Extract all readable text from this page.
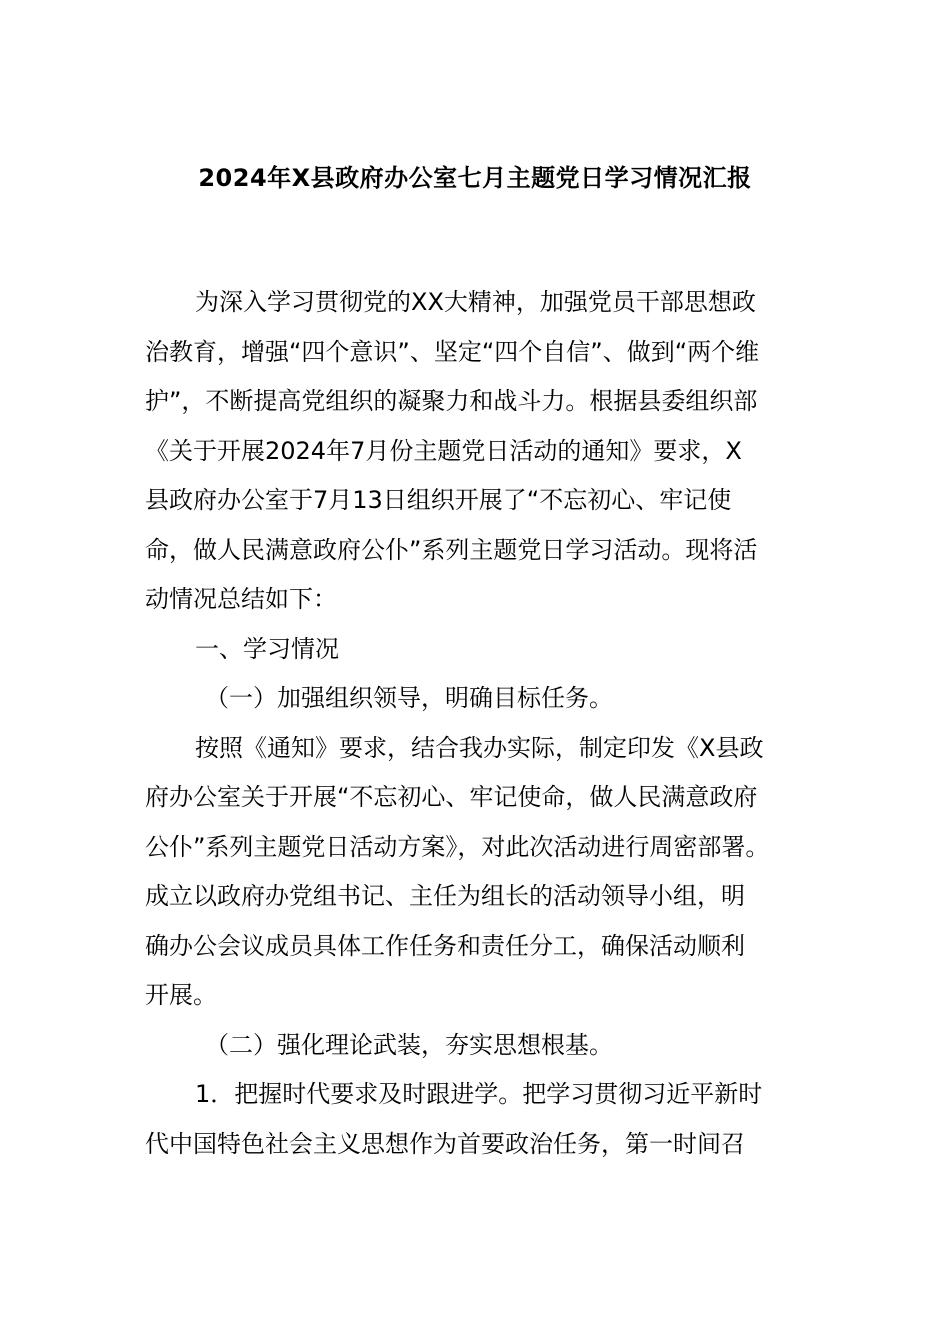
2024年X县政府办公室七月主题党日学习情况汇报
为深入学习贯彻党的XX大精神，加强党员干部思想政
治教育，增强“四个意识”、坚定“四个自信”、做到“两个维
护”，不断提高党组织的凝聚力和战斗力。根据县委组织部
《关于开展2024年7月份主题党日活动的通知》要求，X
县政府办公室于7月13日组织开展了“不忘初心、牢记使
命，做人民满意政府公仆”系列主题党日学习活动。现将活
动情况总结如下：
一、学习情况
（一）加强组织领导，明确目标任务。
按照《通知》要求，结合我办实际，制定印发《X县政
府办公室关于开展“不忘初心、牢记使命，做人民满意政府
公仆”系列主题党日活动方案》，对此次活动进行周密部署。
成立以政府办党组书记、主任为组长的活动领导小组，明
确办公会议成员具体工作任务和责任分工，确保活动顺利
开展。
（二）强化理论武装，夯实思想根基。
1．把握时代要求及时跟进学。把学习贯彻习近平新时
代中国特色社会主义思想作为首要政治任务，第一时间召
